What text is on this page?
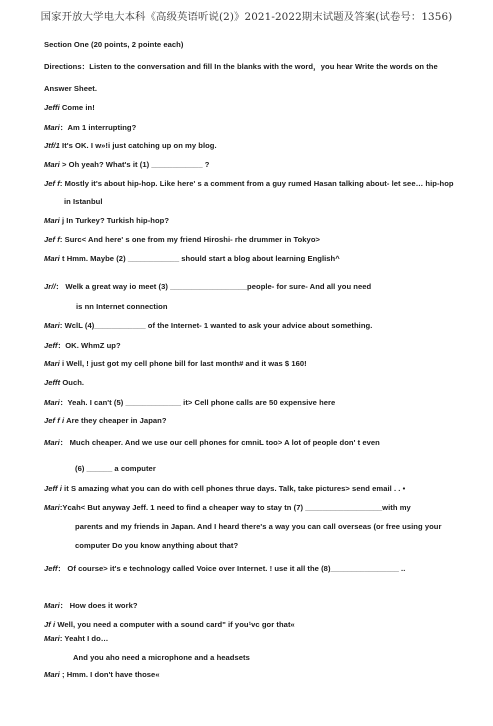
国家开放大学电大本科《高级英语听说(2)》2021-2022期末试题及答案(试卷号：1356)
Section One (20 points, 2 pointe each)
Directions：Listen to the conversation and fill In the blanks with the word，you hear Write the words on the
Answer Sheet.
Jeffi Come in!
Mari：Am 1 interrupting?
Jtf/1 It's OK. I w»!i just catching up on my blog.
Mari > Oh yeah? What's it (1) ____________ ?
Jef f: Mostly it's about hip-hop. Like here' s a comment from a guy rumed Hasan talking about- let see… hip-hop
in Istanbul
Mari j In Turkey? Turkish hip-hop?
Jef f: Surc< And here' s one from my friend Hiroshi- rhe drummer in Tokyo>
Mari t Hmm. Maybe (2) ____________ should start a blog about learning English^
Jr//： Welk a great way io meet (3) __________________people- for sure- And all you need
is nn Internet connection
Mari: WclL (4)____________ of the Internet- 1 wanted to ask your advice about something.
Jeff：OK. WhmZ up?
Mari i Well, ! just got my cell phone bill for last month# and it was $ 160!
Jefft Ouch.
Mari：Yeah. I can't (5) _____________ it> Cell phone calls are 50 expensive here
Jef f i Are they cheaper in Japan?
Mari： Much cheaper. And we use our cell phones for cmniL too> A lot of people don' t even
(6) ______ a computer
Jeff i it S amazing what you can do with cell phones thrue days. Talk, take pictures> send email . . •
Mari:Ycah< But anyway Jeff. 1 need to find a cheaper way to stay tn (7) __________________with my
parents and my friends in Japan. And I heard there's a way you can call overseas (or free using your
computer Do you know anything about that?
Jeff： Of course> it's e technology called Voice over Internet. ! use it all the (8)________________ ..
Mari： How does it work?
Jf i Well, you need a computer with a sound card" if you¹vc gor that«
Mari: Yeaht I do…
And you aho need a microphone and a headsets
Mari ; Hmm. I don't have those«
